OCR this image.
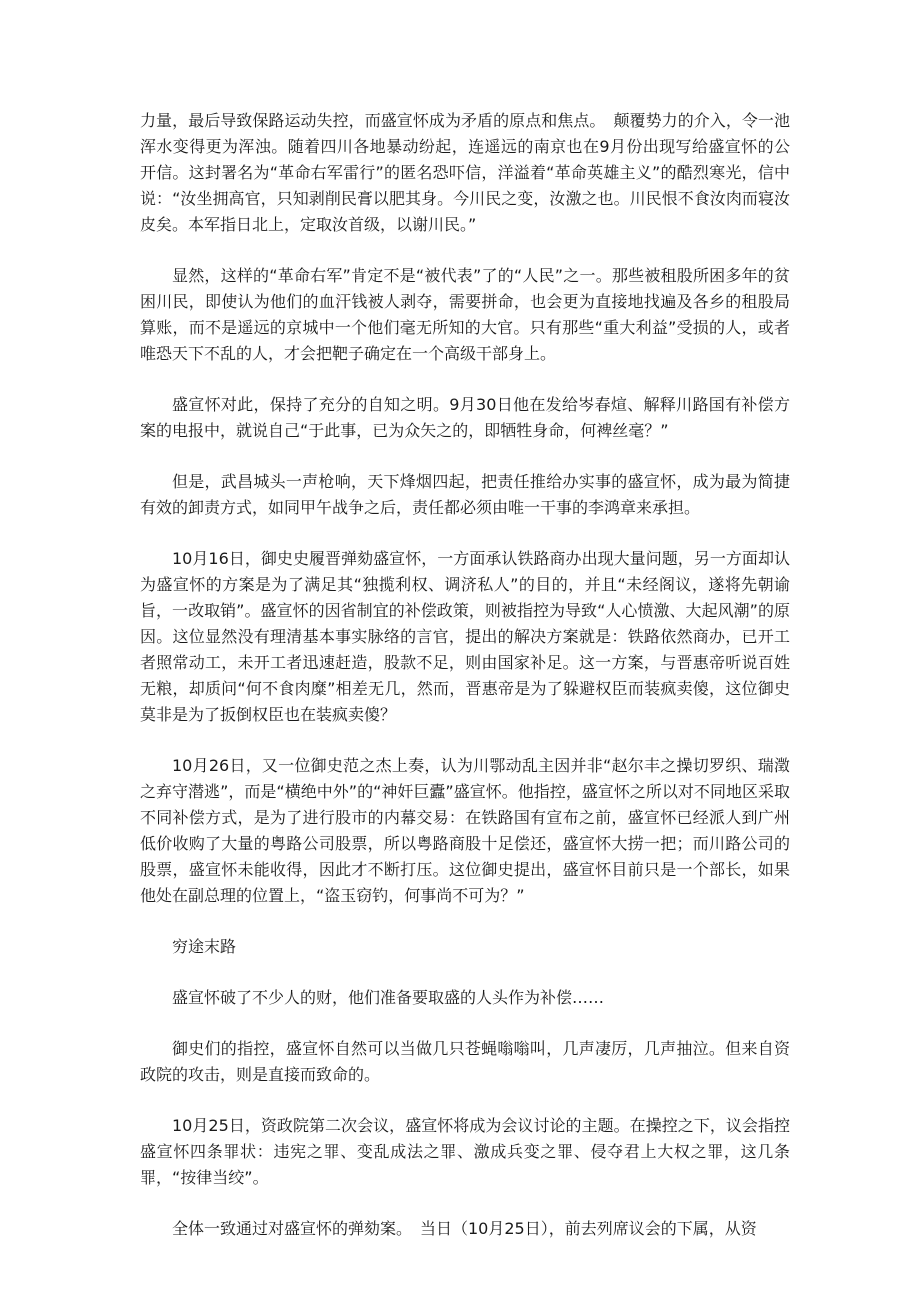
力量，最后导致保路运动失控，而盛宣怀成为矛盾的原点和焦点。　颠覆势力的介入，令一池浑水变得更为浑浊。随着四川各地暴动纷起，连遥远的南京也在9月份出现写给盛宣怀的公开信。这封署名为“革命右军雷行”的匿名恐吓信，洋溢着“革命英雄主义”的酷烈寒光，信中说：“汝坐拥高官，只知剥削民膏以肥其身。今川民之变，汝激之也。川民恨不食汝肉而寝汝皮矣。本军指日北上，定取汝首级，以谢川民。”

显然，这样的“革命右军”肯定不是“被代表”了的“人民”之一。那些被租股所困多年的贫困川民，即使认为他们的血汗钱被人剥夺，需要拼命，也会更为直接地找遍及各乡的租股局算账，而不是遥远的京城中一个他们毫无所知的大官。只有那些“重大利益”受损的人，或者唯恐天下不乱的人，才会把靶子确定在一个高级干部身上。

盛宣怀对此，保持了充分的自知之明。9月30日他在发给岑春煊、解释川路国有补偿方案的电报中，就说自己“于此事，已为众矢之的，即牺牲身命，何裨丝毫？”

但是，武昌城头一声枪响，天下烽烟四起，把责任推给办实事的盛宣怀，成为最为简捷有效的卸责方式，如同甲午战争之后，责任都必须由唯一干事的李鸿章来承担。

10月16日，御史史履晋弹劾盛宣怀，一方面承认铁路商办出现大量问题，另一方面却认为盛宣怀的方案是为了满足其“独揽利权、调济私人”的目的，并且“未经阁议，遂将先朝谕旨，一改取销”。盛宣怀的因省制宜的补偿政策，则被指控为导致“人心愤激、大起风潮”的原因。这位显然没有理清基本事实脉络的言官，提出的解决方案就是：铁路依然商办，已开工者照常动工，未开工者迅速赶造，股款不足，则由国家补足。这一方案，与晋惠帝听说百姓无粮，却质问“何不食肉糜”相差无几，然而，晋惠帝是为了躲避权臣而装疯卖傻，这位御史莫非是为了扳倒权臣也在装疯卖傻？

10月26日，又一位御史范之杰上奏，认为川鄂动乱主因并非“赵尔丰之操切罗织、瑞澂之弃守潜逃”，而是“横绝中外”的“神奸巨蠹”盛宣怀。他指控，盛宣怀之所以对不同地区采取不同补偿方式，是为了进行股市的内幕交易：在铁路国有宣布之前，盛宣怀已经派人到广州低价收购了大量的粤路公司股票，所以粤路商股十足偿还，盛宣怀大捞一把；而川路公司的股票，盛宣怀未能收得，因此才不断打压。这位御史提出，盛宣怀目前只是一个部长，如果他处在副总理的位置上，“盗玉窃钓，何事尚不可为？”

穷途末路

盛宣怀破了不少人的财，他们准备要取盛的人头作为补偿……

御史们的指控，盛宣怀自然可以当做几只苍蝇嗡嗡叫，几声凄厉，几声抽泣。但来自资政院的攻击，则是直接而致命的。

10月25日，资政院第二次会议，盛宣怀将成为会议讨论的主题。在操控之下，议会指控盛宣怀四条罪状：违宪之罪、变乱成法之罪、激成兵变之罪、侵夺君上大权之罪，这几条罪，“按律当绞”。

全体一致通过对盛宣怀的弹劾案。　当日（10月25日），前去列席议会的下属，从资
